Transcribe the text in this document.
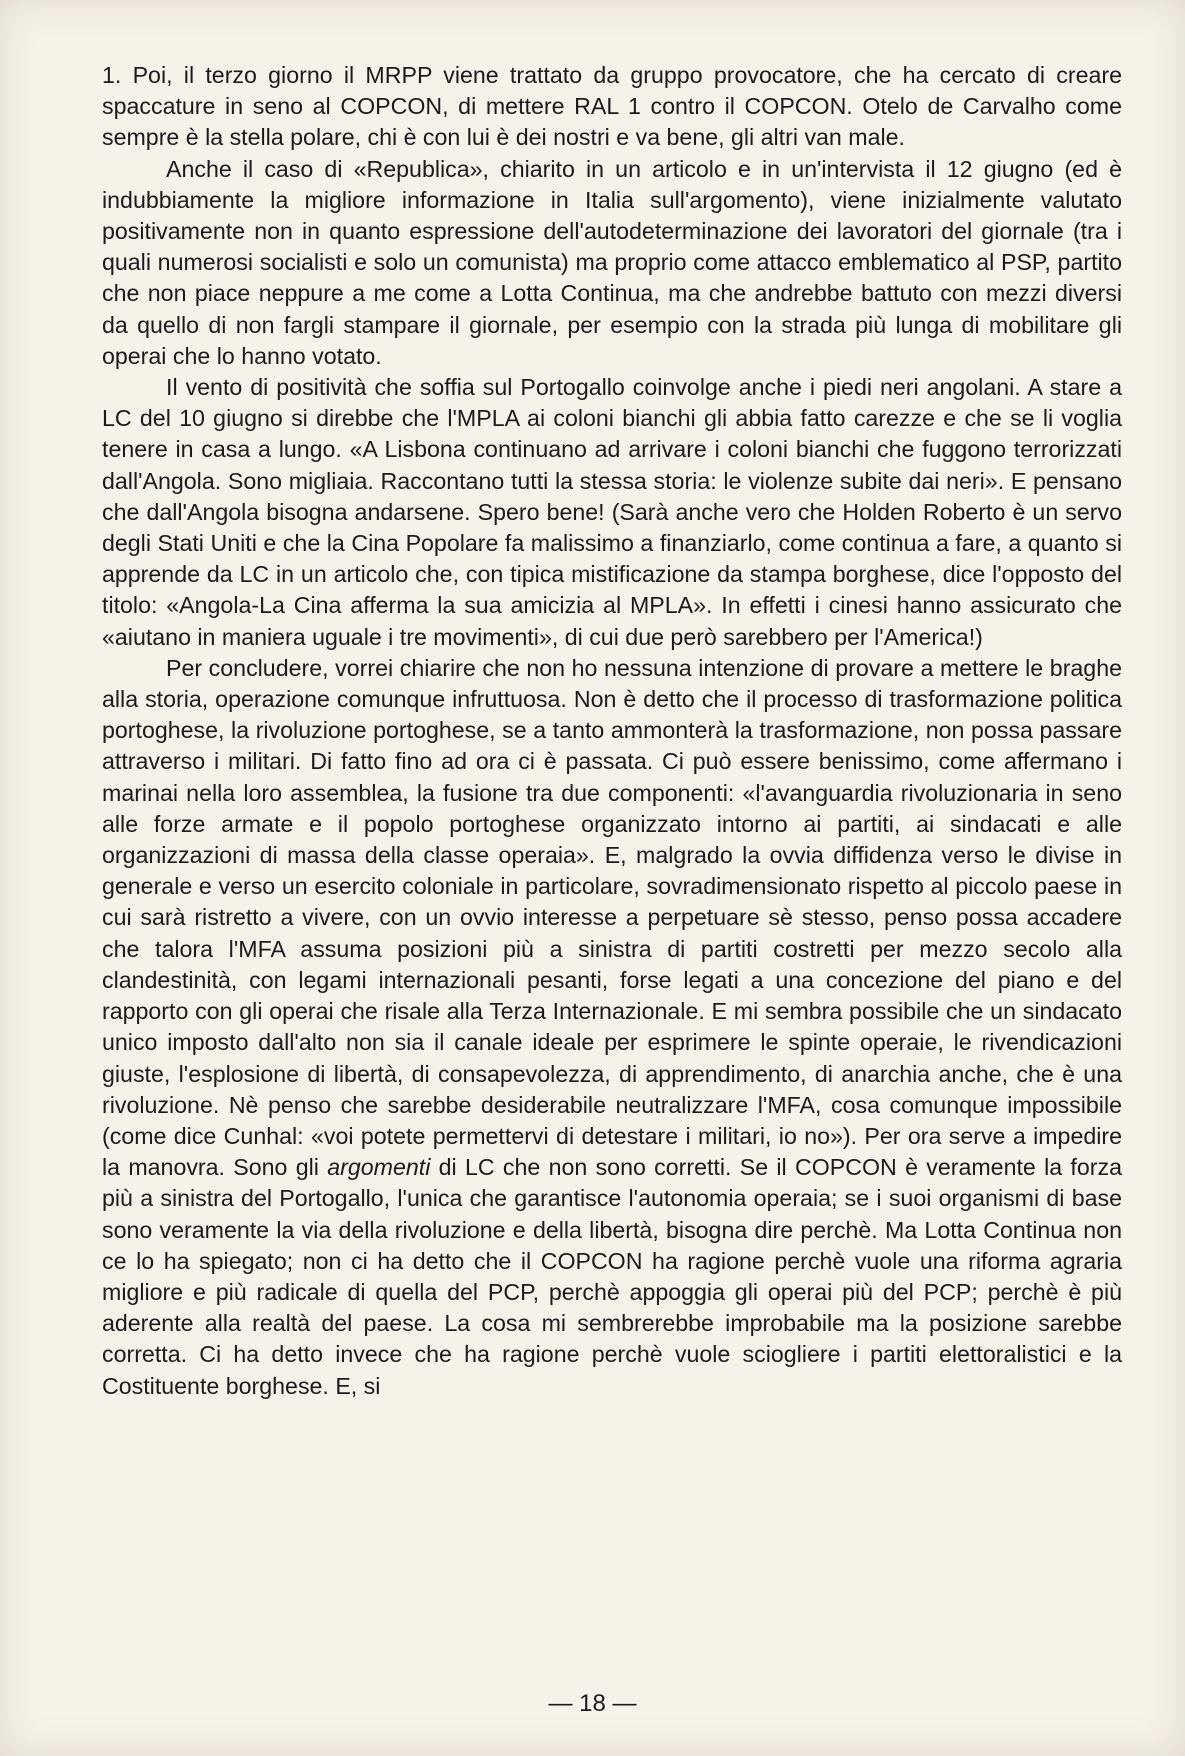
1. Poi, il terzo giorno il MRPP viene trattato da gruppo provocatore, che ha cercato di creare spaccature in seno al COPCON, di mettere RAL 1 contro il COPCON. Otelo de Carvalho come sempre è la stella polare, chi è con lui è dei nostri e va bene, gli altri van male.

Anche il caso di «Republica», chiarito in un articolo e in un'intervista il 12 giugno (ed è indubbiamente la migliore informazione in Italia sull'argomento), viene inizialmente valutato positivamente non in quanto espressione dell'autodeterminazione dei lavoratori del giornale (tra i quali numerosi socialisti e solo un comunista) ma proprio come attacco emblematico al PSP, partito che non piace neppure a me come a Lotta Continua, ma che andrebbe battuto con mezzi diversi da quello di non fargli stampare il giornale, per esempio con la strada più lunga di mobilitare gli operai che lo hanno votato.

Il vento di positività che soffia sul Portogallo coinvolge anche i piedi neri angolani. A stare a LC del 10 giugno si direbbe che l'MPLA ai coloni bianchi gli abbia fatto carezze e che se li voglia tenere in casa a lungo. «A Lisbona continuano ad arrivare i coloni bianchi che fuggono terrorizzati dall'Angola. Sono migliaia. Raccontano tutti la stessa storia: le violenze subite dai neri». E pensano che dall'Angola bisogna andarsene. Spero bene! (Sarà anche vero che Holden Roberto è un servo degli Stati Uniti e che la Cina Popolare fa malissimo a finanziarlo, come continua a fare, a quanto si apprende da LC in un articolo che, con tipica mistificazione da stampa borghese, dice l'opposto del titolo: «Angola-La Cina afferma la sua amicizia al MPLA». In effetti i cinesi hanno assicurato che «aiutano in maniera uguale i tre movimenti», di cui due però sarebbero per l'America!)

Per concludere, vorrei chiarire che non ho nessuna intenzione di provare a mettere le braghe alla storia, operazione comunque infruttuosa. Non è detto che il processo di trasformazione politica portoghese, la rivoluzione portoghese, se a tanto ammonterà la trasformazione, non possa passare attraverso i militari. Di fatto fino ad ora ci è passata. Ci può essere benissimo, come affermano i marinai nella loro assemblea, la fusione tra due componenti: «l'avanguardia rivoluzionaria in seno alle forze armate e il popolo portoghese organizzato intorno ai partiti, ai sindacati e alle organizzazioni di massa della classe operaia». E, malgrado la ovvia diffidenza verso le divise in generale e verso un esercito coloniale in particolare, sovradimensionato rispetto al piccolo paese in cui sarà ristretto a vivere, con un ovvio interesse a perpetuare sè stesso, penso possa accadere che talora l'MFA assuma posizioni più a sinistra di partiti costretti per mezzo secolo alla clandestinità, con legami internazionali pesanti, forse legati a una concezione del piano e del rapporto con gli operai che risale alla Terza Internazionale. E mi sembra possibile che un sindacato unico imposto dall'alto non sia il canale ideale per esprimere le spinte operaie, le rivendicazioni giuste, l'esplosione di libertà, di consapevolezza, di apprendimento, di anarchia anche, che è una rivoluzione. Nè penso che sarebbe desiderabile neutralizzare l'MFA, cosa comunque impossibile (come dice Cunhal: «voi potete permettervi di detestare i militari, io no»). Per ora serve a impedire la manovra. Sono gli argomenti di LC che non sono corretti. Se il COPCON è veramente la forza più a sinistra del Portogallo, l'unica che garantisce l'autonomia operaia; se i suoi organismi di base sono veramente la via della rivoluzione e della libertà, bisogna dire perchè. Ma Lotta Continua non ce lo ha spiegato; non ci ha detto che il COPCON ha ragione perchè vuole una riforma agraria migliore e più radicale di quella del PCP, perchè appoggia gli operai più del PCP; perchè è più aderente alla realtà del paese. La cosa mi sembrerebbe improbabile ma la posizione sarebbe corretta. Ci ha detto invece che ha ragione perchè vuole sciogliere i partiti elettoralistici e la Costituente borghese. E, si

— 18 —
